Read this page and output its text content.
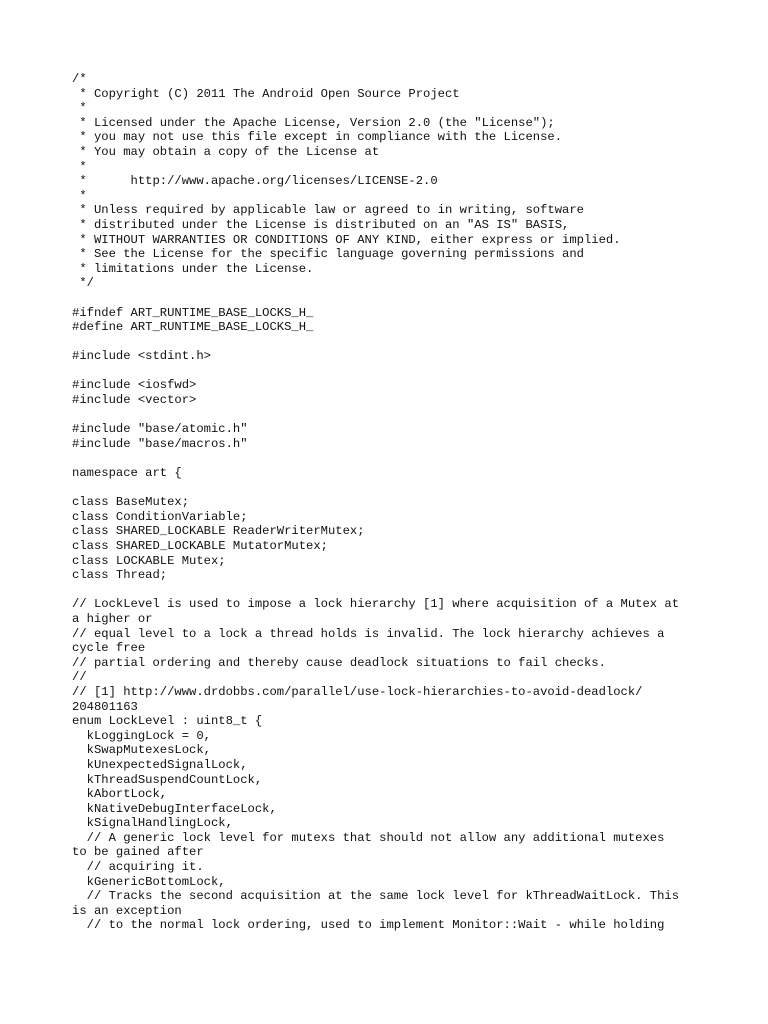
/*
* Copyright (C) 2011 The Android Open Source Project
*
* Licensed under the Apache License, Version 2.0 (the "License");
* you may not use this file except in compliance with the License.
* You may obtain a copy of the License at
*
*      http://www.apache.org/licenses/LICENSE-2.0
*
* Unless required by applicable law or agreed to in writing, software
* distributed under the License is distributed on an "AS IS" BASIS,
* WITHOUT WARRANTIES OR CONDITIONS OF ANY KIND, either express or implied.
* See the License for the specific language governing permissions and
* limitations under the License.
*/
#ifndef ART_RUNTIME_BASE_LOCKS_H_
#define ART_RUNTIME_BASE_LOCKS_H_
#include <stdint.h>
#include <iosfwd>
#include <vector>
#include "base/atomic.h"
#include "base/macros.h"
namespace art {
class BaseMutex;
class ConditionVariable;
class SHARED_LOCKABLE ReaderWriterMutex;
class SHARED_LOCKABLE MutatorMutex;
class LOCKABLE Mutex;
class Thread;
// LockLevel is used to impose a lock hierarchy [1] where acquisition of a Mutex at
a higher or
// equal level to a lock a thread holds is invalid. The lock hierarchy achieves a
cycle free
// partial ordering and thereby cause deadlock situations to fail checks.
//
// [1] http://www.drdobbs.com/parallel/use-lock-hierarchies-to-avoid-deadlock/
204801163
enum LockLevel : uint8_t {
kLoggingLock = 0,
kSwapMutexesLock,
kUnexpectedSignalLock,
kThreadSuspendCountLock,
kAbortLock,
kNativeDebugInterfaceLock,
kSignalHandlingLock,
// A generic lock level for mutexs that should not allow any additional mutexes
to be gained after
// acquiring it.
kGenericBottomLock,
// Tracks the second acquisition at the same lock level for kThreadWaitLock. This
is an exception
// to the normal lock ordering, used to implement Monitor::Wait - while holding
